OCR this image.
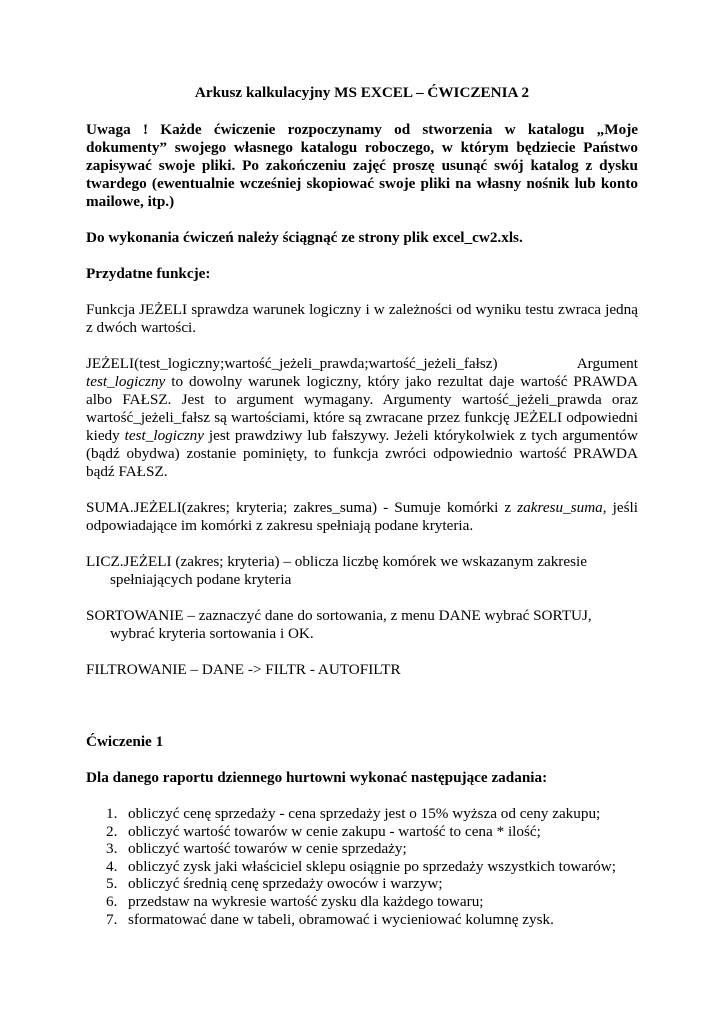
Arkusz kalkulacyjny MS EXCEL – ĆWICZENIA 2

Uwaga ! Każde ćwiczenie rozpoczynamy od stworzenia w katalogu „Moje dokumenty” swojego własnego katalogu roboczego, w którym będziecie Państwo zapisywać swoje pliki. Po zakończeniu zajęć proszę usunąć swój katalog z dysku twardego (ewentualnie wcześniej skopiować swoje pliki na własny nośnik lub konto mailowe, itp.)

Do wykonania ćwiczeń należy ściągnąć ze strony plik excel_cw2.xls.

Przydatne funkcje:

Funkcja JEŻELI sprawdza warunek logiczny i w zależności od wyniku testu zwraca jedną z dwóch wartości.

JEŻELI(test_logiczny;wartość_jeżeli_prawda;wartość_jeżeli_fałsz) Argument test_logiczny to dowolny warunek logiczny, który jako rezultat daje wartość PRAWDA albo FAŁSZ. Jest to argument wymagany. Argumenty wartość_jeżeli_prawda oraz wartość_jeżeli_fałsz są wartościami, które są zwracane przez funkcję JEŻELI odpowiedni kiedy test_logiczny jest prawdziwy lub fałszywy. Jeżeli którykolwiek z tych argumentów (bądź obydwa) zostanie pominięty, to funkcja zwróci odpowiednio wartość PRAWDA bądź FAŁSZ.

SUMA.JEŻELI(zakres; kryteria; zakres_suma) - Sumuje komórki z zakresu_suma, jeśli odpowiadające im komórki z zakresu spełniają podane kryteria.

LICZ.JEŻELI (zakres; kryteria) – oblicza liczbę komórek we wskazanym zakresie spełniających podane kryteria

SORTOWANIE – zaznaczyć dane do sortowania, z menu DANE wybrać SORTUJ, wybrać kryteria sortowania i OK.

FILTROWANIE – DANE -> FILTR - AUTOFILTR

Ćwiczenie 1

Dla danego raportu dziennego hurtowni wykonać następujące zadania:

1. obliczyć cenę sprzedaży - cena sprzedaży jest o 15% wyższa od ceny zakupu;
2. obliczyć wartość towarów w cenie zakupu - wartość to cena * ilość;
3. obliczyć wartość towarów w cenie sprzedaży;
4. obliczyć zysk jaki właściciel sklepu osiągnie po sprzedaży wszystkich towarów;
5. obliczyć średnią cenę sprzedaży owoców i warzyw;
6. przedstaw na wykresie wartość zysku dla każdego towaru;
7. sformatować dane w tabeli, obramować i wycieniować kolumnę zysk.
